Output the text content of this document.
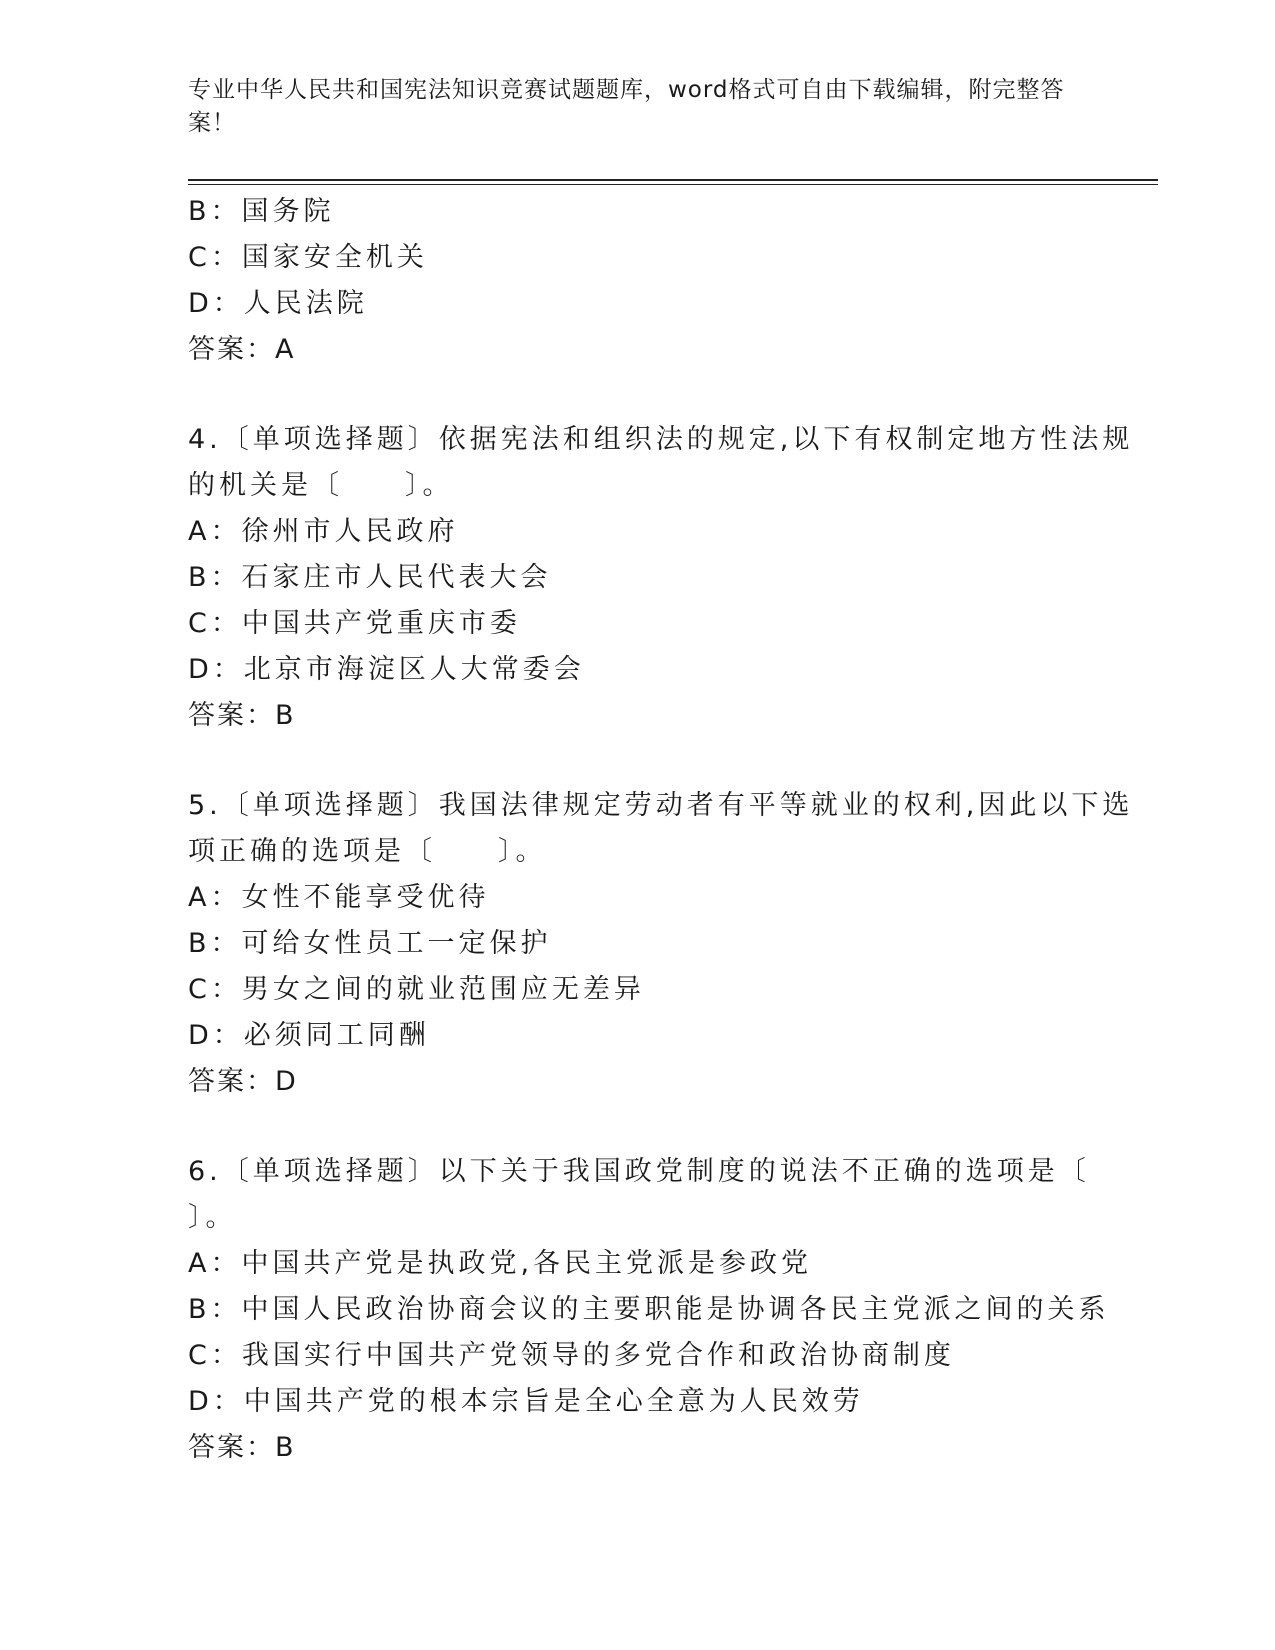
专业中华人民共和国宪法知识竞赛试题题库，word格式可自由下载编辑，附完整答案！
B：国务院
C：国家安全机关
D：人民法院
答案：A
4.〔单项选择题〕依据宪法和组织法的规定,以下有权制定地方性法规
的机关是〔　　〕。
A：徐州市人民政府
B：石家庄市人民代表大会
C：中国共产党重庆市委
D：北京市海淀区人大常委会
答案：B
5.〔单项选择题〕我国法律规定劳动者有平等就业的权利,因此以下选
项正确的选项是〔　　〕。
A：女性不能享受优待
B：可给女性员工一定保护
C：男女之间的就业范围应无差异
D：必须同工同酬
答案：D
6.〔单项选择题〕以下关于我国政党制度的说法不正确的选项是〔
〕。
A：中国共产党是执政党,各民主党派是参政党
B：中国人民政治协商会议的主要职能是协调各民主党派之间的关系
C：我国实行中国共产党领导的多党合作和政治协商制度
D：中国共产党的根本宗旨是全心全意为人民效劳
答案：B
